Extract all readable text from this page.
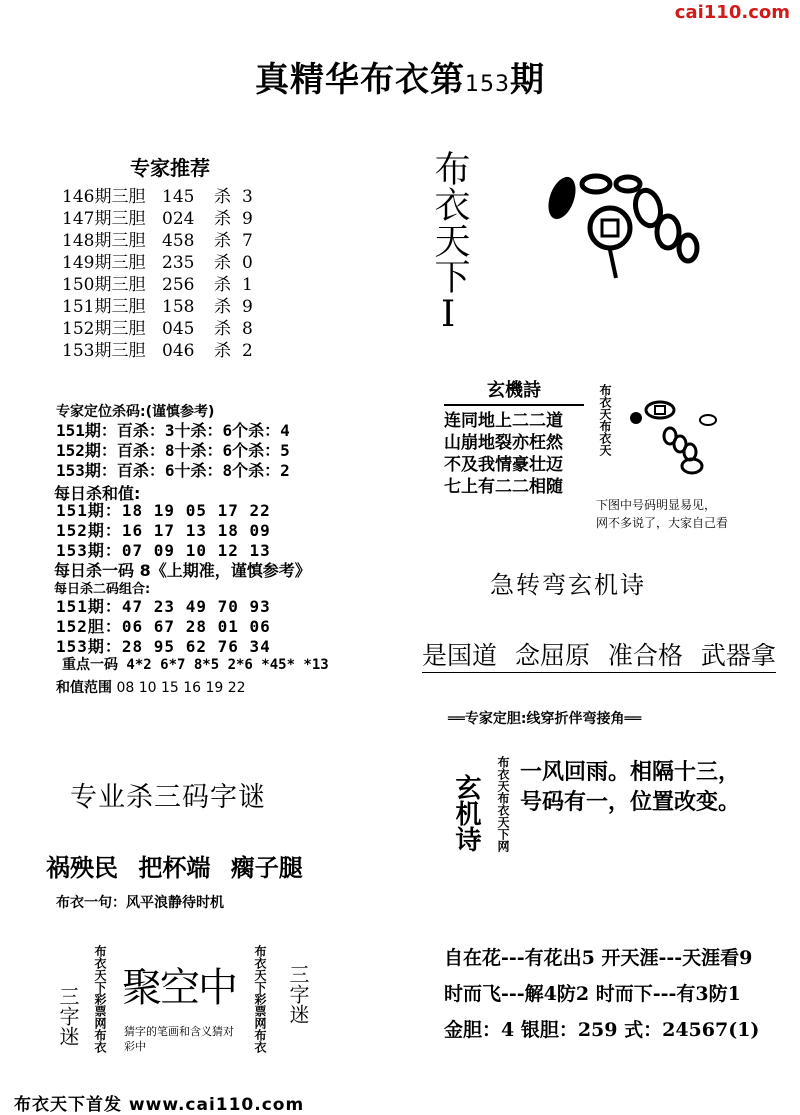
cai110.com
真精华布衣第153期
专家推荐
146期三胆 145 杀 3
147期三胆 024 杀 9
148期三胆 458 杀 7
149期三胆 235 杀 0
150期三胆 256 杀 1
151期三胆 158 杀 9
152期三胆 045 杀 8
153期三胆 046 杀 2
专家定位杀码:(谨慎参考)
151期：百杀：3十杀：6个杀：4
152期：百杀：8十杀：6个杀：5
153期：百杀：6十杀：8个杀：2
每日杀和值:
151期：18 19 05 17 22
152期：16 17 13 18 09
153期：07 09 10 12 13
每日杀一码 8《上期准，谨慎参考》
每日杀二码组合:
151期：47 23 49 70 93
152胆：06 67 28 01 06
153期：28 95 62 76 34
重点一码 4*2 6*7 8*5 2*6 *45* *13
和值范围 08 10 15 16 19 22
专业杀三码字谜
祸殃民 把杯端 瘸子腿
布衣一句：风平浪静待时机
三字迷 布衣天下彩票网布衣 聚空中
猜字的笔画和含义猜对彩中	布衣天下彩票网布衣 三字迷
布衣天下首发 www.cai110.com
布衣天下
I
玄機詩
连同地上二二道
山崩地裂亦枉然
不及我情豪壮迈
七上有二二相随
布衣天布衣天
下图中号码明显易见，
网不多说了，大家自己看
急转弯玄机诗
是国道 念屈原 准合格 武器拿
══专家定胆:线穿折伴弯接角══
玄机诗	布衣天布衣天下网 一风回雨。相隔十三，
号码有一，位置改变。
自在花---有花出5 开天涯---天涯看9
时而飞---解4防2 时而下---有3防1
金胆：4 银胆：259 式：24567(1)
